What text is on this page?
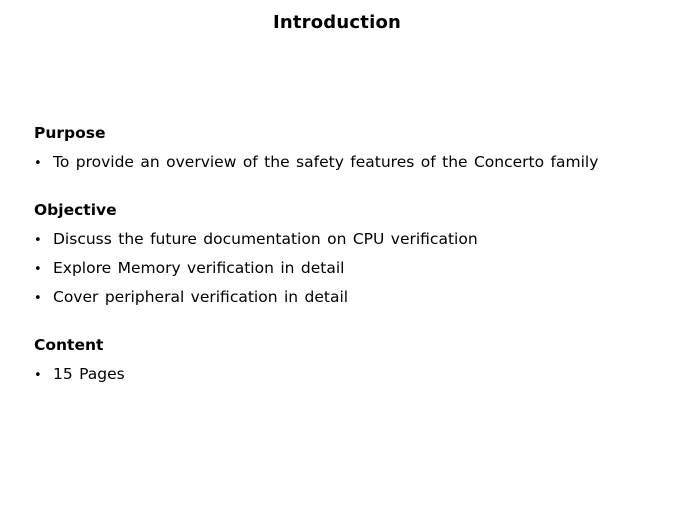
Introduction
Purpose
• To provide an overview of the safety features of the Concerto family
Objective
• Discuss the future documentation on CPU verification
• Explore Memory verification in detail
• Cover peripheral verification in detail
Content
• 15 Pages
